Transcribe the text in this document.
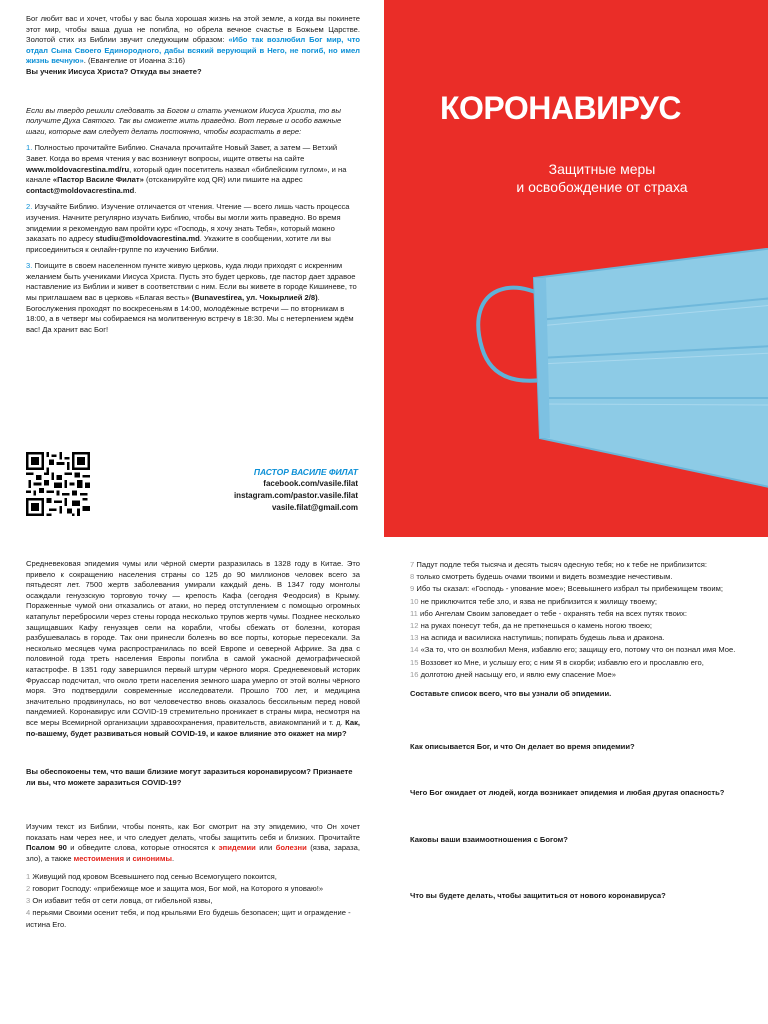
Бог любит вас и хочет, чтобы у вас была хорошая жизнь на этой земле, а когда вы покинете этот мир, чтобы ваша душа не погибла, но обрела вечное счастье в Божьем Царстве. Золотой стих из Библии звучит следующим образом: «Ибо так возлюбил Бог мир, что отдал Сына Своего Единородного, дабы всякий верующий в Него, не погиб, но имел жизнь вечную». (Евангелие от Иоанна 3:16)

Вы ученик Иисуса Христа? Откуда вы знаете?

Если вы твердо решили следовать за Богом и стать учеником Иисуса Христа, то вы получите Духа Святого. Так вы сможете жить праведно. Вот первые и особо важные шаги, которые вам следует делать постоянно, чтобы возрастать в вере:

1. Полностью прочитайте Библию. Сначала прочитайте Новый Завет, а затем — Ветхий Завет. Когда во время чтения у вас возникнут вопросы, ищите ответы на сайте www.moldovacrestina.md/ru, который один посетитель назвал «библейским гуглом», и на канале «Пастор Василе Филат» (отсканируйте код QR) или пишите на адрес contact@moldovacrestina.md.

2. Изучайте Библию. Изучение отличается от чтения. Чтение — всего лишь часть процесса изучения. Начните регулярно изучать Библию, чтобы вы могли жить праведно. Во время эпидемии я рекомендую вам пройти курс «Господь, я хочу знать Тебя», который можно заказать по адресу studiu@moldovacrestina.md. Укажите в сообщении, хотите ли вы присоединиться к онлайн-группе по изучению Библии.

3. Поищите в своем населенном пункте живую церковь, куда люди приходят с искренним желанием быть учениками Иисуса Христа. Пусть это будет церковь, где пастор дает здравое наставление из Библии и живет в соответствии с ним. Если вы живете в городе Кишиневе, то мы приглашаем вас в церковь «Благая весть» (Bunavestirea, ул. Чокырлией 2/8). Богослужения проходят по воскресеньям в 14:00, молодёжные встречи — по вторникам в 18:00, а в четверг мы собираемся на молитвенную встречу в 18:30. Мы с нетерпением ждём вас! Да хранит вас Бог!

ПАСТОР ВАСИЛЕ ФИЛАТ
facebook.com/vasile.filat
instagram.com/pastor.vasile.filat
vasile.filat@gmail.com
КОРОНАВИРУС
Защитные меры
и освобождение от страха

Средневековая эпидемия чумы или чёрной смерти разразилась в 1328 году в Китае. Это привело к сокращению населения страны со 125 до 90 миллионов человек всего за пятьдесят лет. 7500 жертв заболевания умирали каждый день. В 1347 году монголы осаждали генуэзскую торговую точку — крепость Кафа (сегодня Феодосия) в Крыму. Пораженные чумой они отказались от атаки, но перед отступлением с помощью огромных катапульт перебросили через стены города несколько трупов жертв чумы. Позднее несколько защищавших Кафу генуэзцев сели на корабли, чтобы сбежать от болезни, которая разбушевалась в городе. Так они принесли болезнь во все порты, которые пересекали. За несколько месяцев чума распространилась по всей Европе и северной Африке. За два с половиной года треть населения Европы погибла в самой ужасной демографической катастрофе. В 1351 году завершился первый штурм чёрного моря. Средневековый историк Фруассар подсчитал, что около трети населения земного шара умерло от этой волны чёрного моря. Это подтвердили современные исследователи. Прошло 700 лет, и медицина значительно продвинулась, но вот человечество вновь оказалось бессильным перед новой пандемией. Коронавирус или COVID-19 стремительно проникает в страны мира, несмотря на все меры Всемирной организации здравоохранения, правительств, авиакомпаний и т. д. Как, по-вашему, будет развиваться новый COVID-19, и какое влияние это окажет на мир?

Вы обеспокоены тем, что ваши близкие могут заразиться коронавирусом? Признаете ли вы, что можете заразиться COVID-19?

Изучим текст из Библии, чтобы понять, как Бог смотрит на эту эпидемию, что Он хочет показать нам через нее, и что следует делать, чтобы защитить себя и близких. Прочитайте Псалом 90 и обведите слова, которые относятся к эпидемии или болезни (язва, зараза, зло), а также местоимения и синонимы.

1 Живущий под кровом Всевышнего под сенью Всемогущего покоится,

2 говорит Господу: «прибежище мое и защита моя, Бог мой, на Которого я уповаю!»

3 Он избавит тебя от сети ловца, от гибельной язвы,

4 перьями Своими осенит тебя, и под крыльями Его будешь безопасен; щит и ограждение - истина Его.

7 Падут подле тебя тысяча и десять тысяч одесную тебя; но к тебе не приблизится:

8 только смотреть будешь очами твоими и видеть возмездие нечестивым.

9 Ибо ты сказал: «Господь - упование мое»; Всевышнего избрал ты прибежищем твоим;

10 не приключится тебе зло, и язва не приблизится к жилищу твоему;

11 ибо Ангелам Своим заповедает о тебе - охранять тебя на всех путях твоих:

12 на руках понесут тебя, да не преткнешься о камень ногою твоею;

13 на аспида и василиска наступишь; попирать будешь льва и дракона.

14 «За то, что он возлюбил Меня, избавлю его; защищу его, потому что он познал имя Мое.

15 Воззовет ко Мне, и услышу его; с ним Я в скорби; избавлю его и прославлю его,

16 долготою дней насыщу его, и явлю ему спасение Мое»

Составьте список всего, что вы узнали об эпидемии.

Как описывается Бог, и что Он делает во время эпидемии?

Чего Бог ожидает от людей, когда возникает эпидемия и любая другая опасность?

Каковы ваши взаимоотношения с Богом?

Что вы будете делать, чтобы защититься от нового коронавируса?
